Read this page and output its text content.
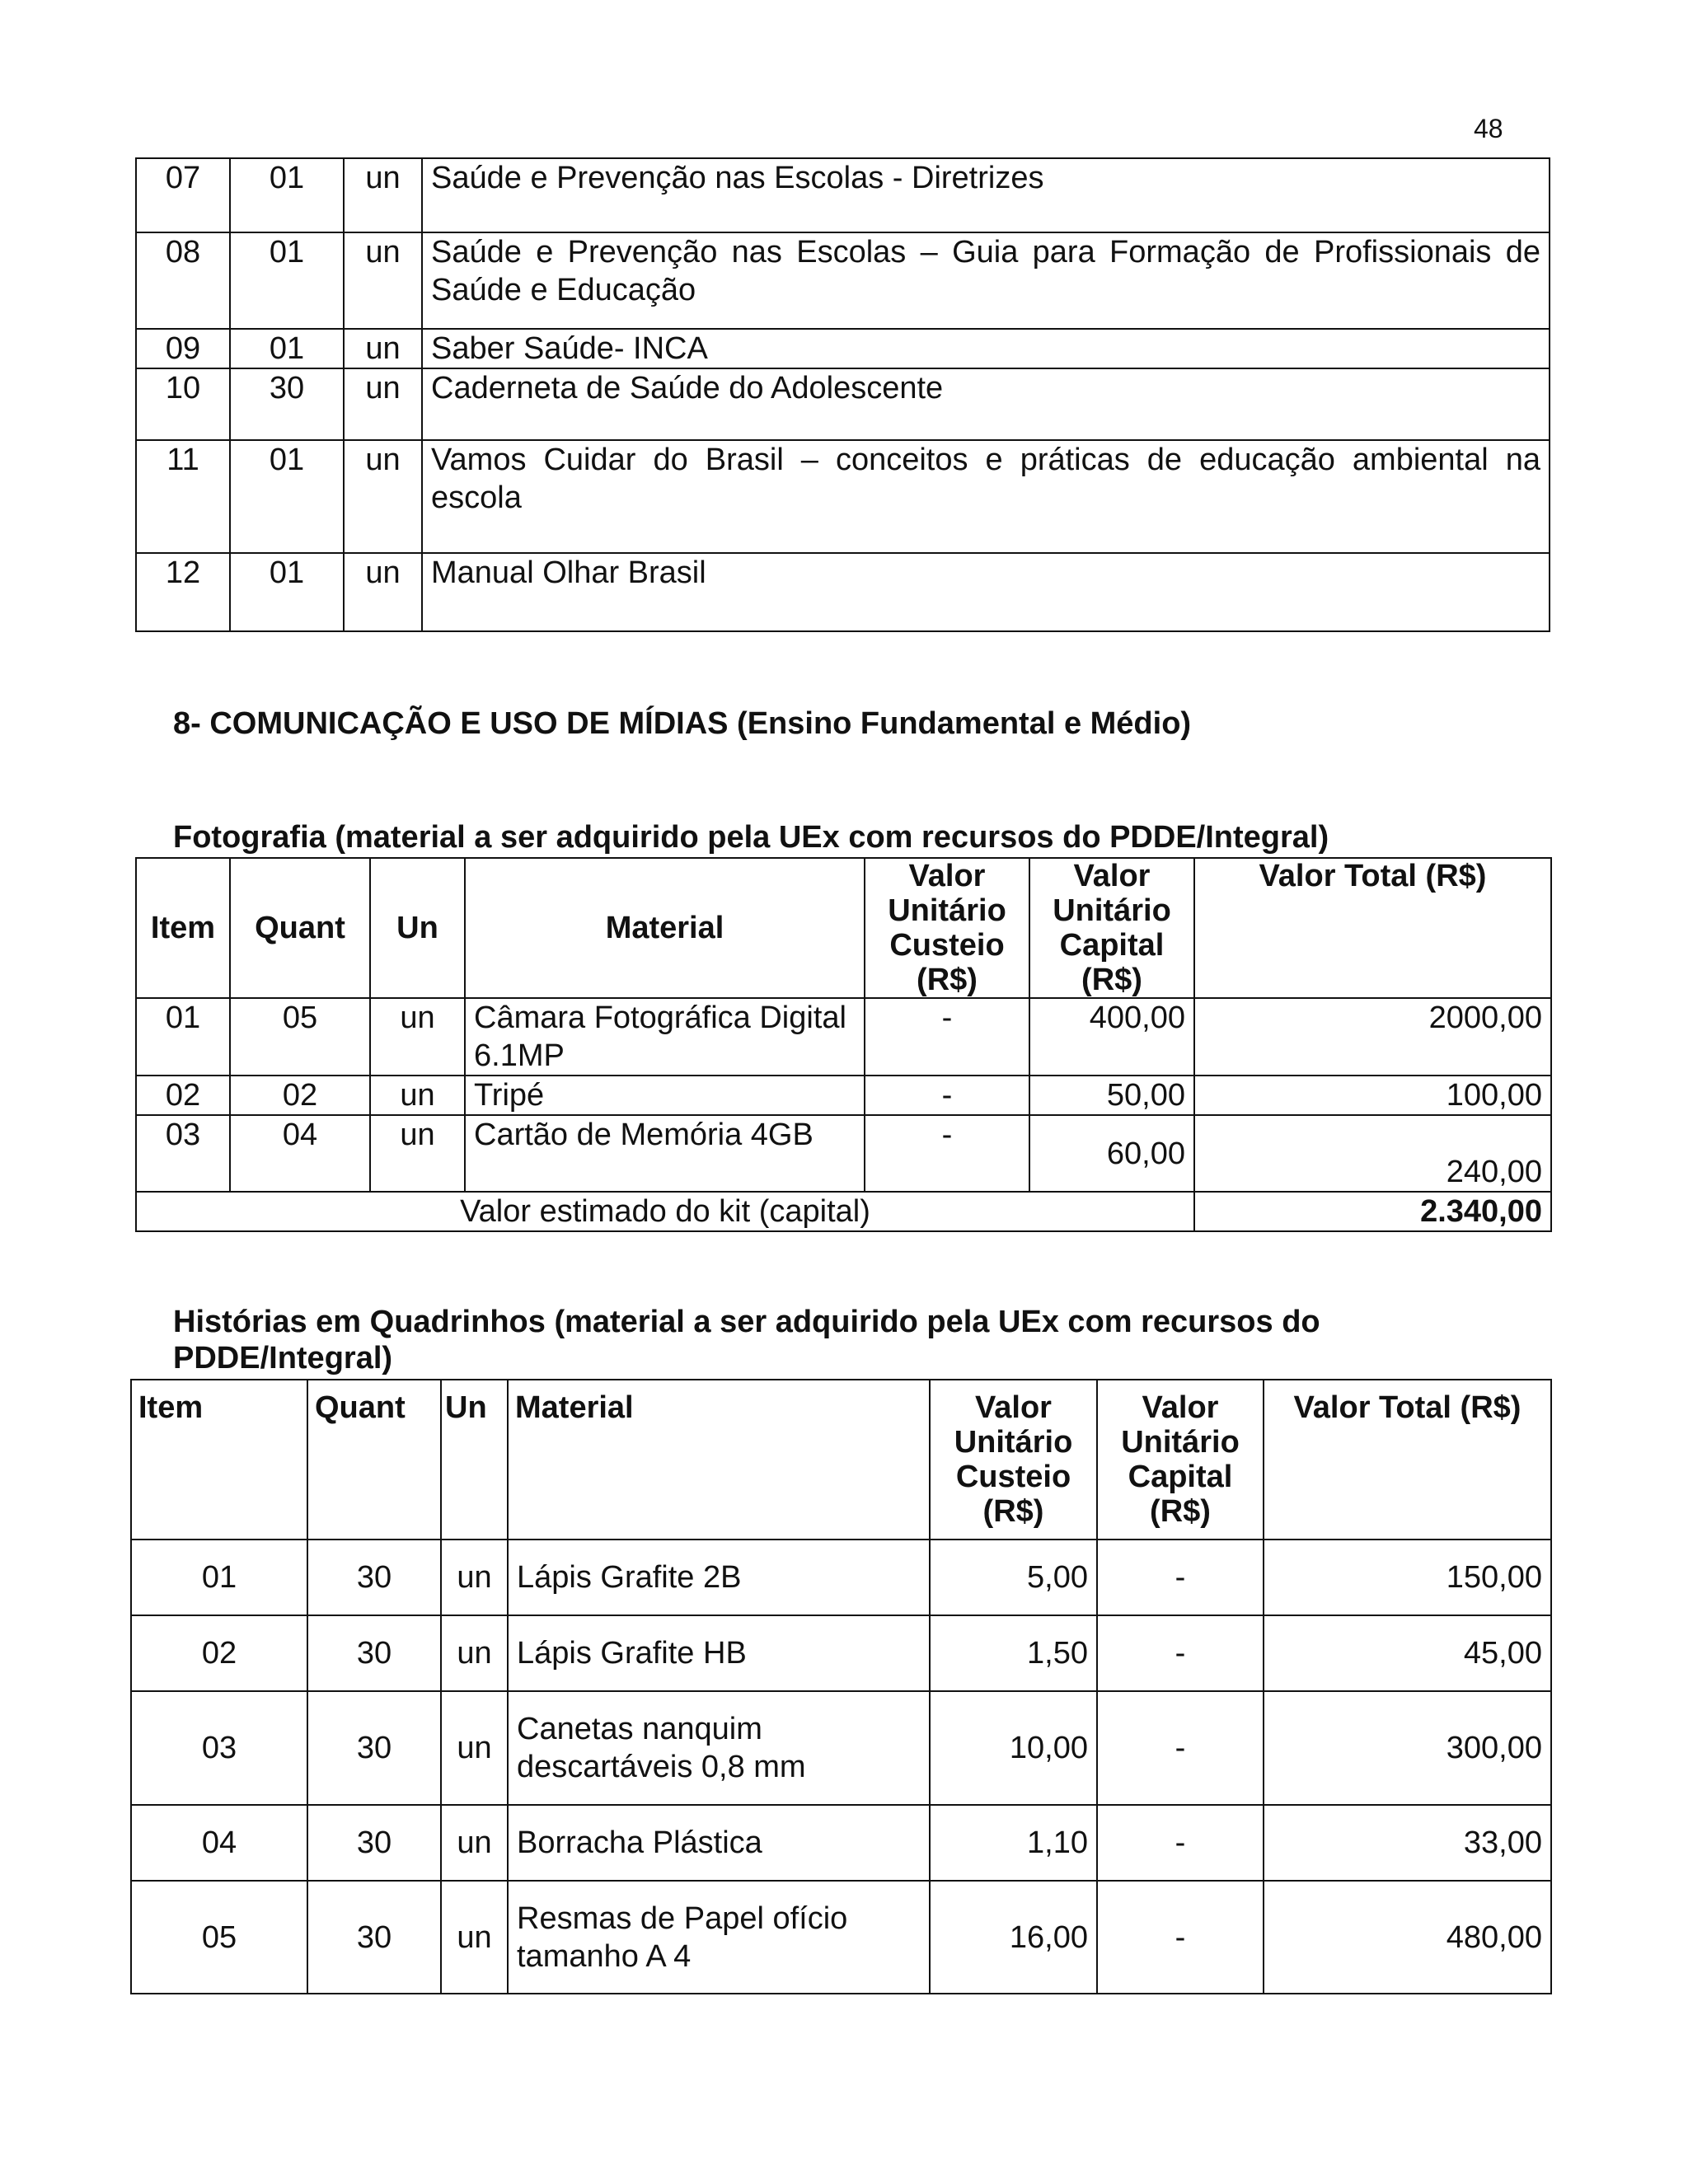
48
07	01	un	Saúde e Prevenção nas Escolas - Diretrizes
08	01	un	Saúde e Prevenção nas Escolas – Guia para Formação de Profissionais de Saúde e Educação
09	01	un	Saber Saúde- INCA
10	30	un	Caderneta de Saúde do Adolescente
11	01	un	Vamos Cuidar do Brasil – conceitos e práticas de educação ambiental na escola
12	01	un	Manual Olhar Brasil
8- COMUNICAÇÃO E USO DE MÍDIAS (Ensino Fundamental e Médio)
Fotografia (material a ser adquirido pela UEx com recursos do PDDE/Integral)
Item	Quant	Un	Material	Valor Unitário Custeio (R$)	Valor Unitário Capital (R$)	Valor Total (R$)
01	05	un	Câmara Fotográfica Digital 6.1MP	-	400,00	2000,00
02	02	un	Tripé	-	50,00	100,00
03	04	un	Cartão de Memória 4GB	-	60,00	240,00
Valor estimado do kit (capital)						2.340,00
Histórias em Quadrinhos (material a ser adquirido pela UEx com recursos do PDDE/Integral)
Item	Quant	Un	Material	Valor Unitário Custeio (R$)	Valor Unitário Capital (R$)	Valor Total (R$)
01	30	un	Lápis Grafite 2B	5,00	-	150,00
02	30	un	Lápis Grafite HB	1,50	-	45,00
03	30	un	Canetas nanquim descartáveis 0,8 mm	10,00	-	300,00
04	30	un	Borracha Plástica	1,10	-	33,00
05	30	un	Resmas de Papel ofício tamanho A 4	16,00	-	480,00
